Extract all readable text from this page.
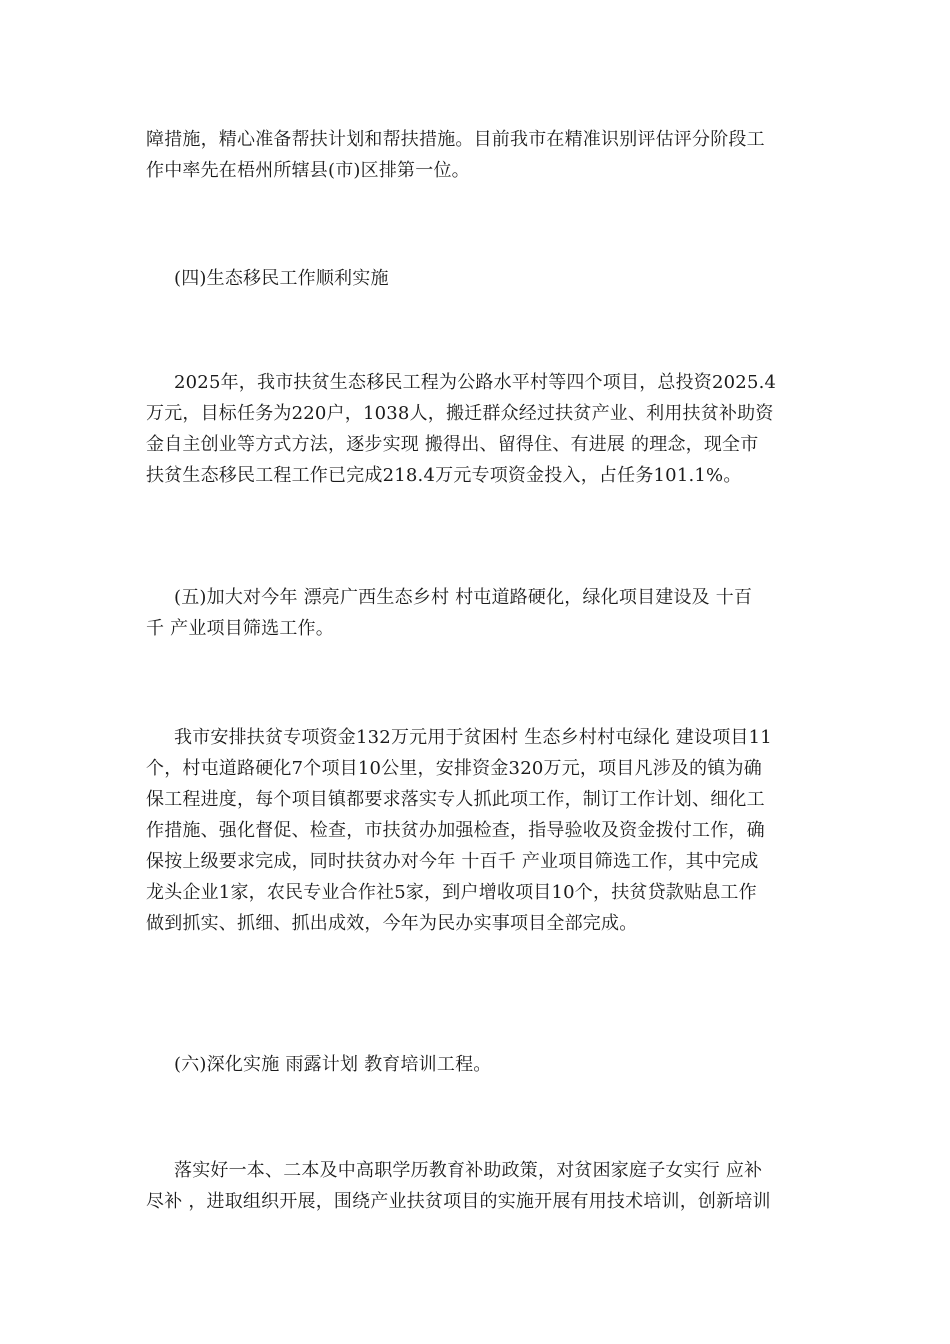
障措施，精心准备帮扶计划和帮扶措施。目前我市在精准识别评估评分阶段工
作中率先在梧州所辖县(市)区排第一位。

(四)生态移民工作顺利实施

2025年，我市扶贫生态移民工程为公路水平村等四个项目，总投资2025.4
万元，目标任务为220户，1038人，搬迁群众经过扶贫产业、利用扶贫补助资
金自主创业等方式方法，逐步实现 搬得出、留得住、有进展 的理念，现全市
扶贫生态移民工程工作已完成218.4万元专项资金投入，占任务101.1%。

(五)加大对今年 漂亮广西生态乡村 村屯道路硬化，绿化项目建设及 十百
千 产业项目筛选工作。

我市安排扶贫专项资金132万元用于贫困村 生态乡村村屯绿化 建设项目11
个，村屯道路硬化7个项目10公里，安排资金320万元，项目凡涉及的镇为确
保工程进度，每个项目镇都要求落实专人抓此项工作，制订工作计划、细化工
作措施、强化督促、检查，市扶贫办加强检查，指导验收及资金拨付工作，确
保按上级要求完成，同时扶贫办对今年 十百千 产业项目筛选工作，其中完成
龙头企业1家，农民专业合作社5家，到户增收项目10个，扶贫贷款贴息工作
做到抓实、抓细、抓出成效，今年为民办实事项目全部完成。

(六)深化实施 雨露计划 教育培训工程。

落实好一本、二本及中高职学历教育补助政策，对贫困家庭子女实行 应补
尽补 ，进取组织开展，围绕产业扶贫项目的实施开展有用技术培训，创新培训
